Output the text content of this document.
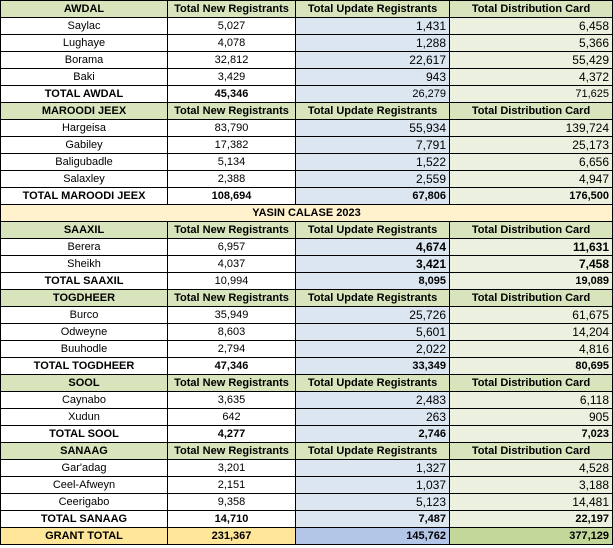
AWDAL	Total New Registrants	Total Update Registrants	Total Distribution Card
Saylac	5,027	1,431	6,458
Lughaye	4,078	1,288	5,366
Borama	32,812	22,617	55,429
Baki	3,429	943	4,372
TOTAL AWDAL	45,346	26,279	71,625
MAROODI JEEX	Total New Registrants	Total Update Registrants	Total Distribution Card
Hargeisa	83,790	55,934	139,724
Gabiley	17,382	7,791	25,173
Baligubadle	5,134	1,522	6,656
Salaxley	2,388	2,559	4,947
TOTAL MAROODI JEEX	108,694	67,806	176,500
YASIN CALASE 2023			
SAAXIL	Total New Registrants	Total Update Registrants	Total Distribution Card
Berera	6,957	4,674	11,631
Sheikh	4,037	3,421	7,458
TOTAL SAAXIL	10,994	8,095	19,089
TOGDHEER	Total New Registrants	Total Update Registrants	Total Distribution Card
Burco	35,949	25,726	61,675
Odweyne	8,603	5,601	14,204
Buuhodle	2,794	2,022	4,816
TOTAL TOGDHEER	47,346	33,349	80,695
SOOL	Total New Registrants	Total Update Registrants	Total Distribution Card
Caynabo	3,635	2,483	6,118
Xudun	642	263	905
TOTAL SOOL	4,277	2,746	7,023
SANAAG	Total New Registrants	Total Update Registrants	Total Distribution Card
Gar'adag	3,201	1,327	4,528
Ceel-Afweyn	2,151	1,037	3,188
Ceerigabo	9,358	5,123	14,481
TOTAL SANAAG	14,710	7,487	22,197
GRANT TOTAL	231,367	145,762	377,129
